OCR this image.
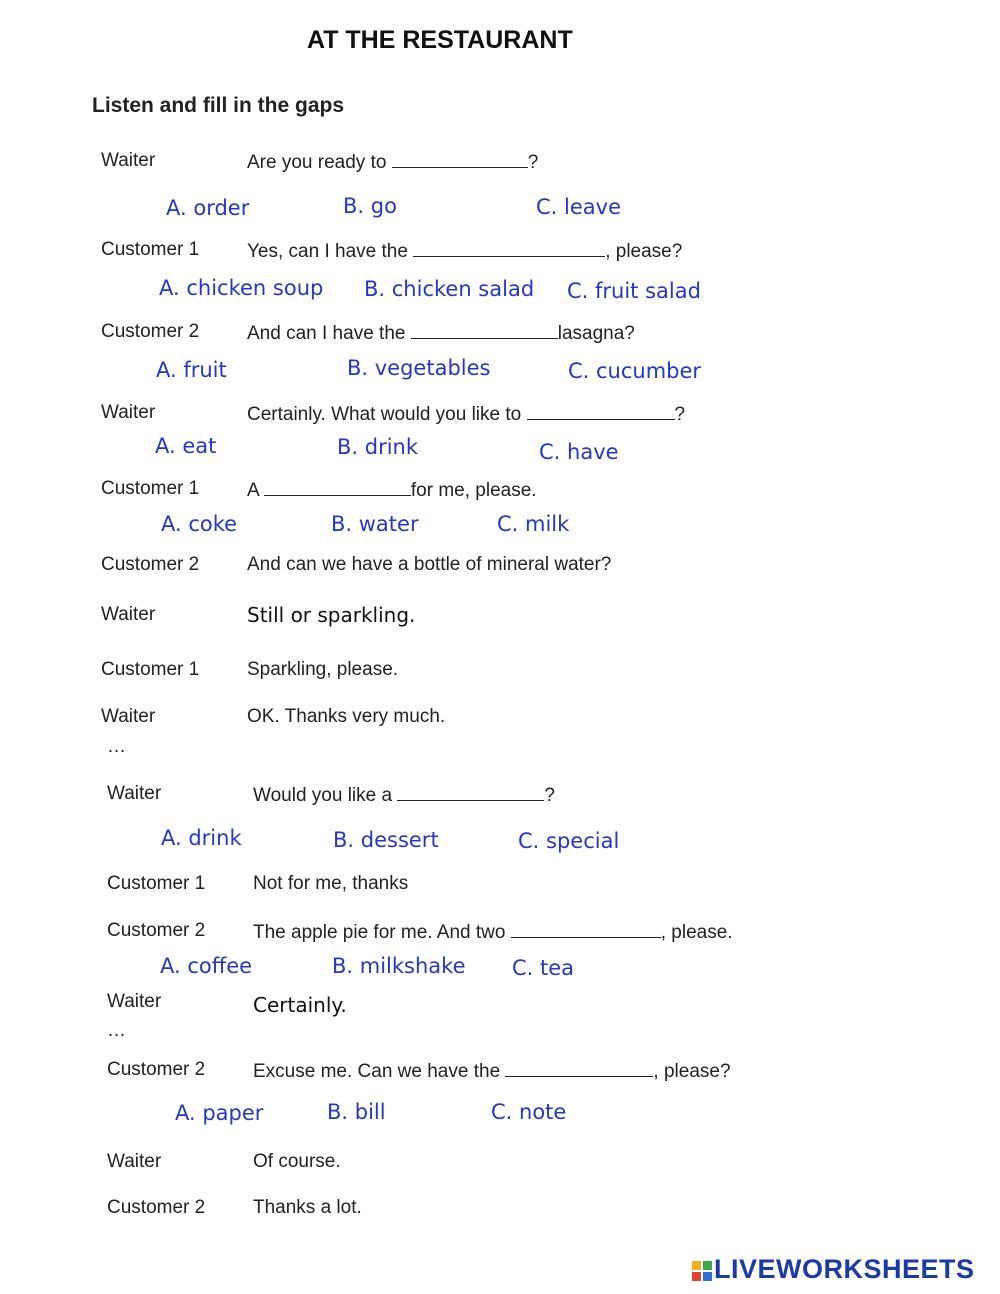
AT THE RESTAURANT
Listen and fill in the gaps
Waiter	Are you ready to	?
A. order	B. go	C. leave
Customer 1	Yes, can I have the	, please?
A. chicken soup B. chicken salad C. fruit salad
Customer 2	And can I have the	lasagna?
A. fruit	B. vegetables	C. cucumber
Waiter	Certainly. What would you like to	?
A. eat	B. drink	C. have
Customer 1	A	for me, please.
A. coke	B. water	C. milk
Customer 2	And can we have a bottle of mineral water?
Waiter	Still or sparkling.
Customer 1	Sparkling, please.
Waiter	OK. Thanks very much.
…
Waiter	Would you like a	?
A. drink	B. dessert	C. special
Customer 1	Not for me, thanks
Customer 2	The apple pie for me. And two	, please.
A. coffee	B. milkshake C. tea
Waiter	Certainly.
…
Customer 2	Excuse me. Can we have the	, please?
A. paper	B. bill	C. note
Waiter	Of course.
Customer 2	Thanks a lot.
LIVEWORKSHEETS
